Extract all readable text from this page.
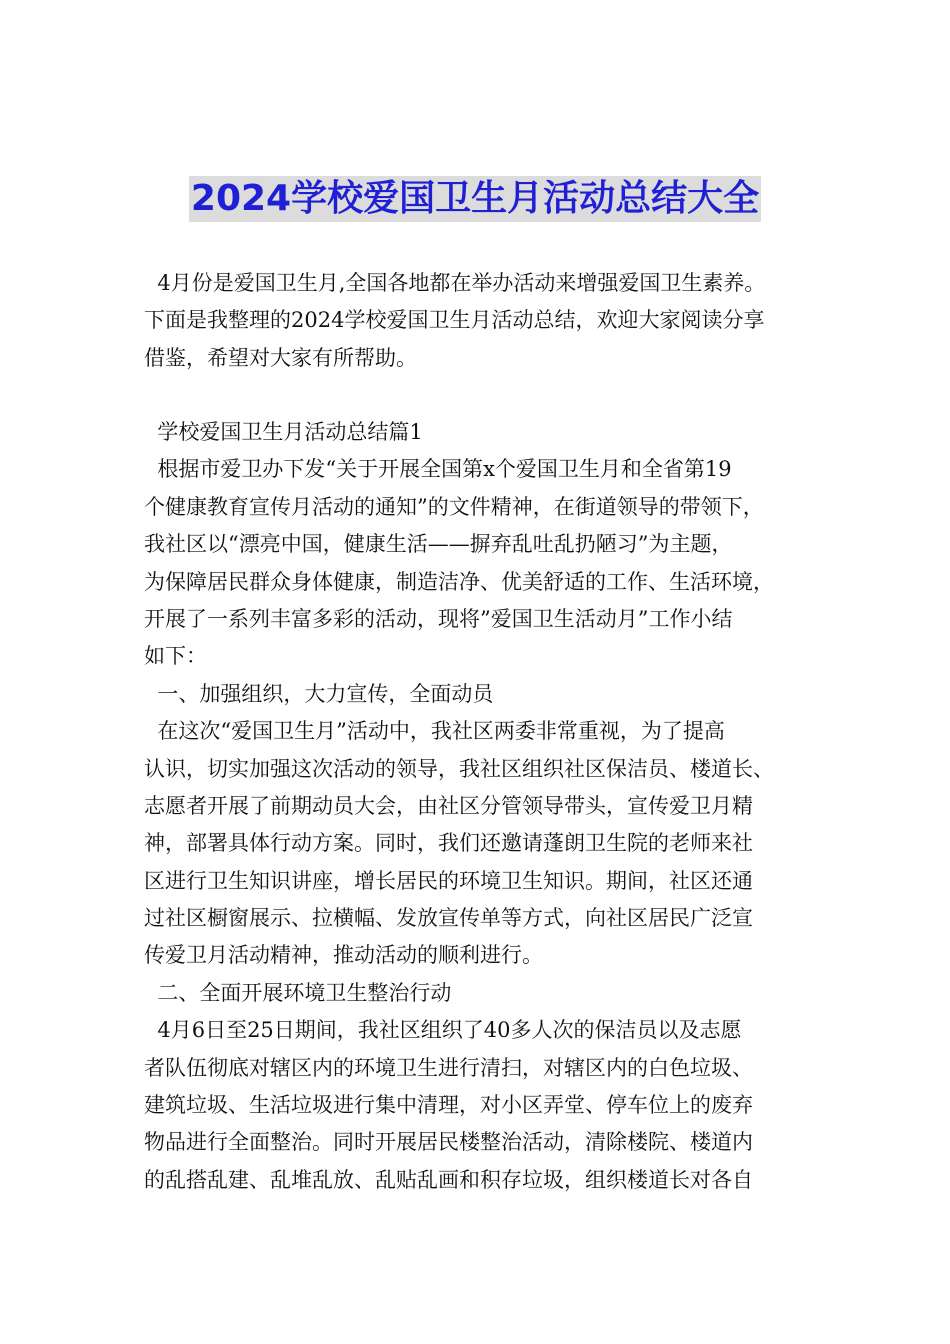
2024学校爱国卫生月活动总结大全
4月份是爱国卫生月,全国各地都在举办活动来增强爱国卫生素养。
下面是我整理的2024学校爱国卫生月活动总结，欢迎大家阅读分享
借鉴，希望对大家有所帮助。
学校爱国卫生月活动总结篇1
根据市爱卫办下发“关于开展全国第x个爱国卫生月和全省第19
个健康教育宣传月活动的通知”的文件精神，在街道领导的带领下，
我社区以“漂亮中国，健康生活——摒弃乱吐乱扔陋习”为主题，
为保障居民群众身体健康，制造洁净、优美舒适的工作、生活环境，
开展了一系列丰富多彩的活动，现将”爱国卫生活动月”工作小结
如下：
一、加强组织，大力宣传，全面动员
在这次“爱国卫生月”活动中，我社区两委非常重视，为了提高
认识，切实加强这次活动的领导，我社区组织社区保洁员、楼道长、
志愿者开展了前期动员大会，由社区分管领导带头，宣传爱卫月精
神，部署具体行动方案。同时，我们还邀请蓬朗卫生院的老师来社
区进行卫生知识讲座，增长居民的环境卫生知识。期间，社区还通
过社区橱窗展示、拉横幅、发放宣传单等方式，向社区居民广泛宣
传爱卫月活动精神，推动活动的顺利进行。
二、全面开展环境卫生整治行动
4月6日至25日期间，我社区组织了40多人次的保洁员以及志愿
者队伍彻底对辖区内的环境卫生进行清扫，对辖区内的白色垃圾、
建筑垃圾、生活垃圾进行集中清理，对小区弄堂、停车位上的废弃
物品进行全面整治。同时开展居民楼整治活动，清除楼院、楼道内
的乱搭乱建、乱堆乱放、乱贴乱画和积存垃圾，组织楼道长对各自
